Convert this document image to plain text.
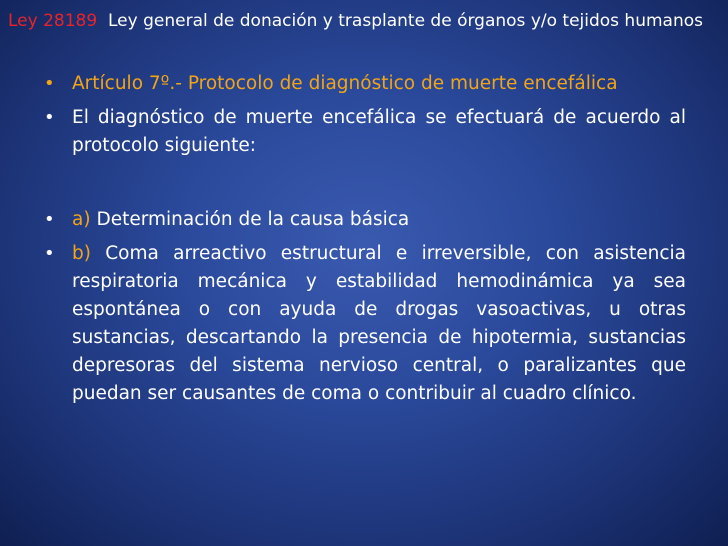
Ley 28189 Ley general de donación y trasplante de órganos y/o tejidos humanos
• Artículo 7º.- Protocolo de diagnóstico de muerte encefálica
• El diagnóstico de muerte encefálica se efectuará de acuerdo al protocolo siguiente:
• a) Determinación de la causa básica
• b) Coma arreactivo estructural e irreversible, con asistencia respiratoria mecánica y estabilidad hemodinámica ya sea espontánea o con ayuda de drogas vasoactivas, u otras sustancias, descartando la presencia de hipotermia, sustancias depresoras del sistema nervioso central, o paralizantes que puedan ser causantes de coma o contribuir al cuadro clínico.
